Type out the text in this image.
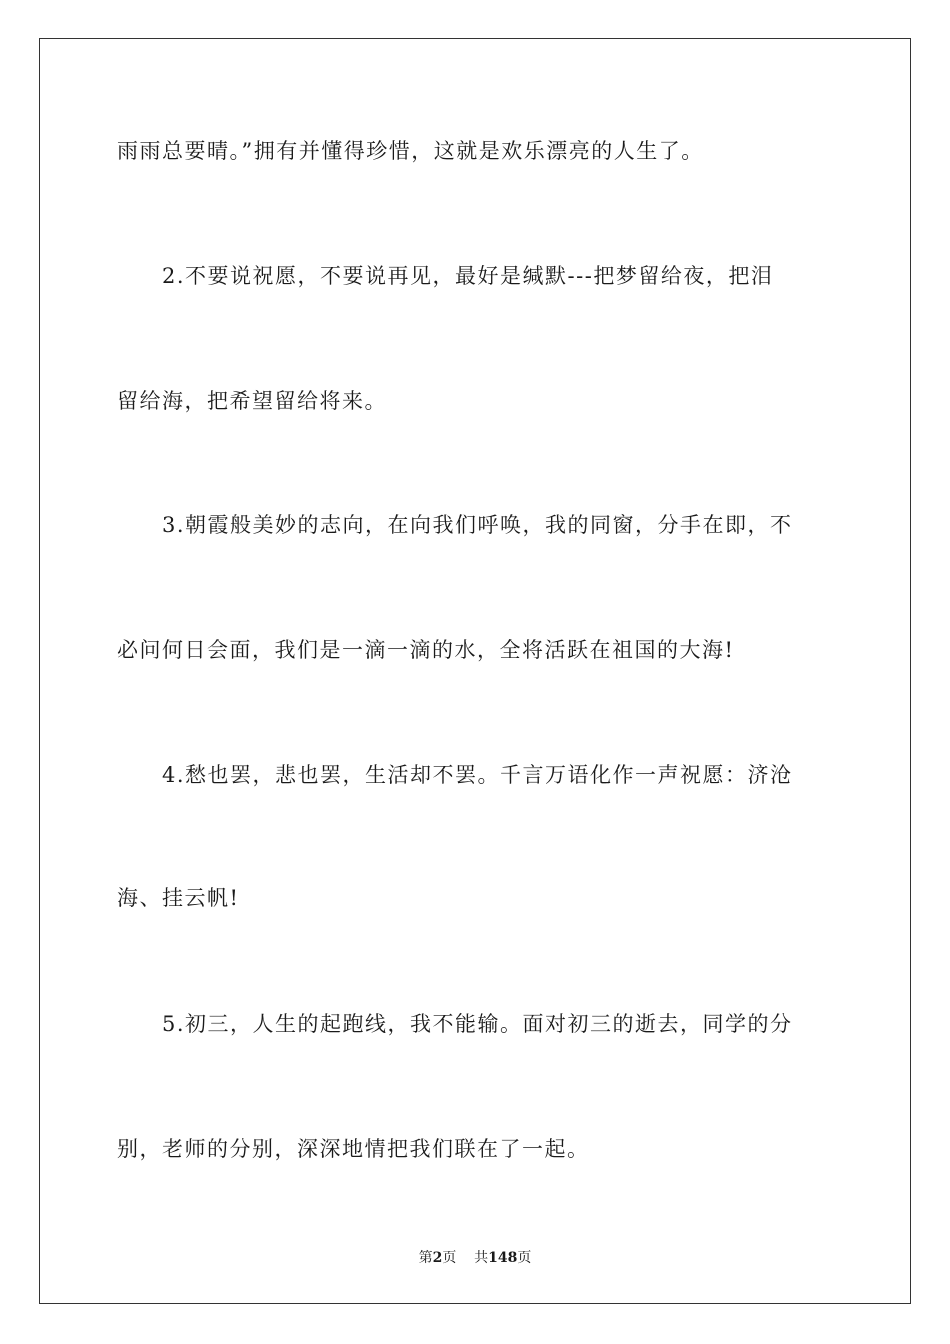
雨雨总要晴。”拥有并懂得珍惜，这就是欢乐漂亮的人生了。
2.不要说祝愿，不要说再见，最好是缄默---把梦留给夜，把泪
留给海，把希望留给将来。
3.朝霞般美妙的志向，在向我们呼唤，我的同窗，分手在即，不
必问何日会面，我们是一滴一滴的水，全将活跃在祖国的大海!
4.愁也罢，悲也罢，生活却不罢。千言万语化作一声祝愿：济沧
海、挂云帆!
5.初三，人生的起跑线，我不能输。面对初三的逝去，同学的分
别，老师的分别，深深地情把我们联在了一起。
第2页 共148页
